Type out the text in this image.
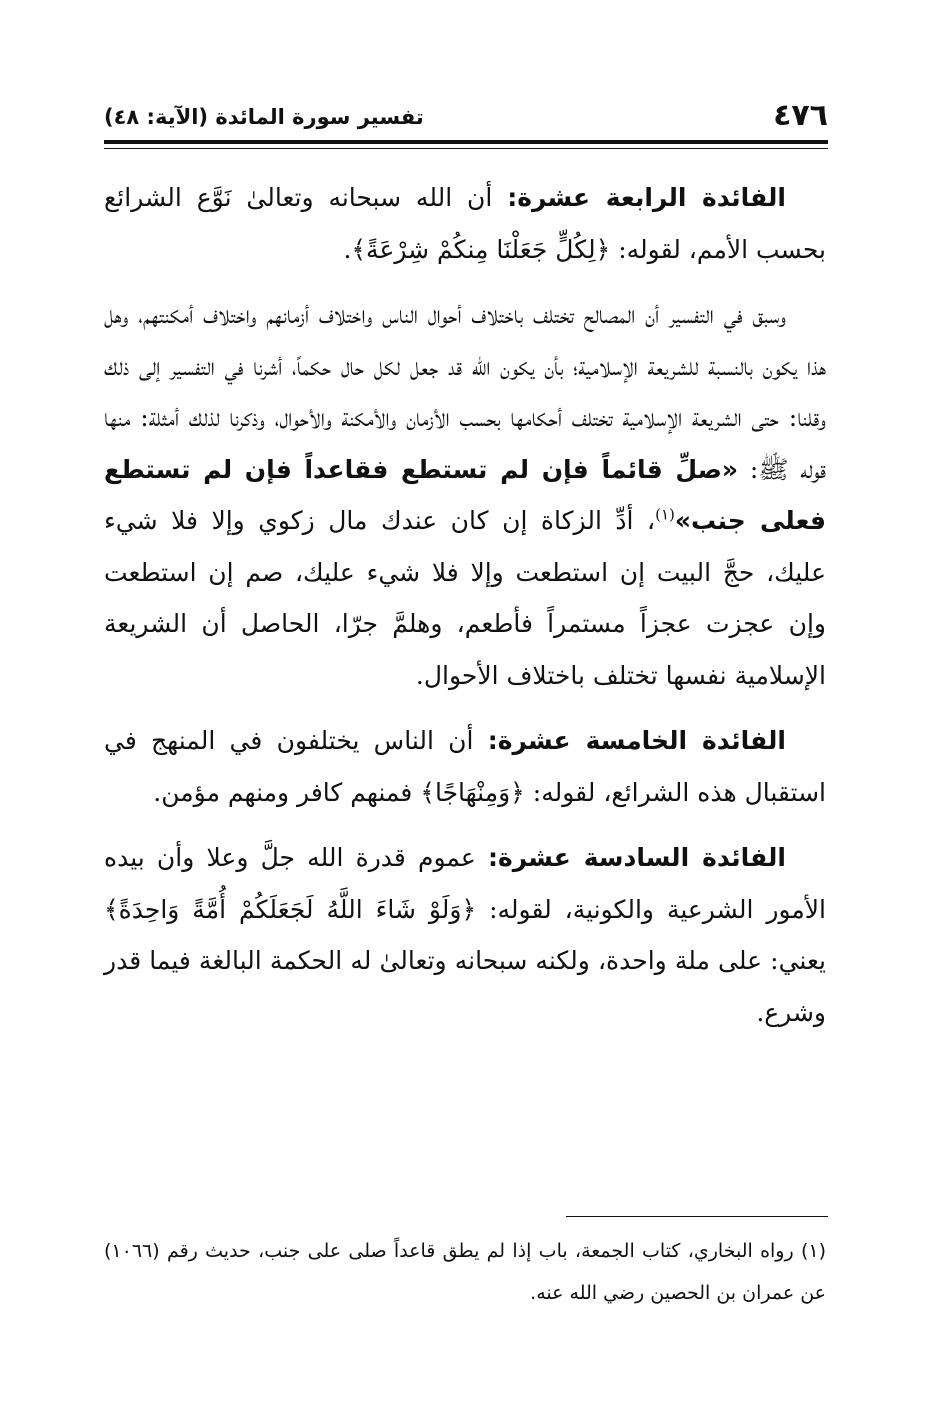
٤٧٦
تفسير سورة المائدة (الآية: ٤٨)

الفائدة الرابعة عشرة: أن الله سبحانه وتعالىٰ نَوَّع الشرائع بحسب الأمم، لقوله: ﴿لِكُلٍّ جَعَلْنَا مِنكُمْ شِرْعَةً﴾.

وسبق في التفسير أن المصالح تختلف باختلاف أحوال الناس واختلاف أزمانهم واختلاف أمكنتهم، وهل هذا يكون بالنسبة للشريعة الإسلامية؛ بأن يكون الله قد جعل لكل حال حكماً، أشرنا في التفسير إلى ذلك وقلنا: حتى الشريعة الإسلامية تختلف أحكامها بحسب الأزمان والأمكنة والأحوال، وذكرنا لذلك أمثلة: منها قوله ﷺ: «صلِّ قائماً فإن لم تستطع فقاعداً فإن لم تستطع فعلى جنب»$^{(١)}$، أدِّ الزكاة إن كان عندك مال زكوي وإلا فلا شيء عليك، حجَّ البيت إن استطعت وإلا فلا شيء عليك، صم إن استطعت وإن عجزت عجزاً مستمراً فأطعم، وهلمَّ جرّا، الحاصل أن الشريعة الإسلامية نفسها تختلف باختلاف الأحوال.

الفائدة الخامسة عشرة: أن الناس يختلفون في المنهج في استقبال هذه الشرائع، لقوله: ﴿وَمِنْهَاجًا﴾ فمنهم كافر ومنهم مؤمن.

الفائدة السادسة عشرة: عموم قدرة الله جلَّ وعلا وأن بيده الأمور الشرعية والكونية، لقوله: ﴿وَلَوْ شَاءَ اللَّهُ لَجَعَلَكُمْ أُمَّةً وَاحِدَةً﴾ يعني: على ملة واحدة، ولكنه سبحانه وتعالىٰ له الحكمة البالغة فيما قدر وشرع.

(١) رواه البخاري، كتاب الجمعة، باب إذا لم يطق قاعداً صلى على جنب، حديث رقم (١٠٦٦) عن عمران بن الحصين رضي الله عنه.
